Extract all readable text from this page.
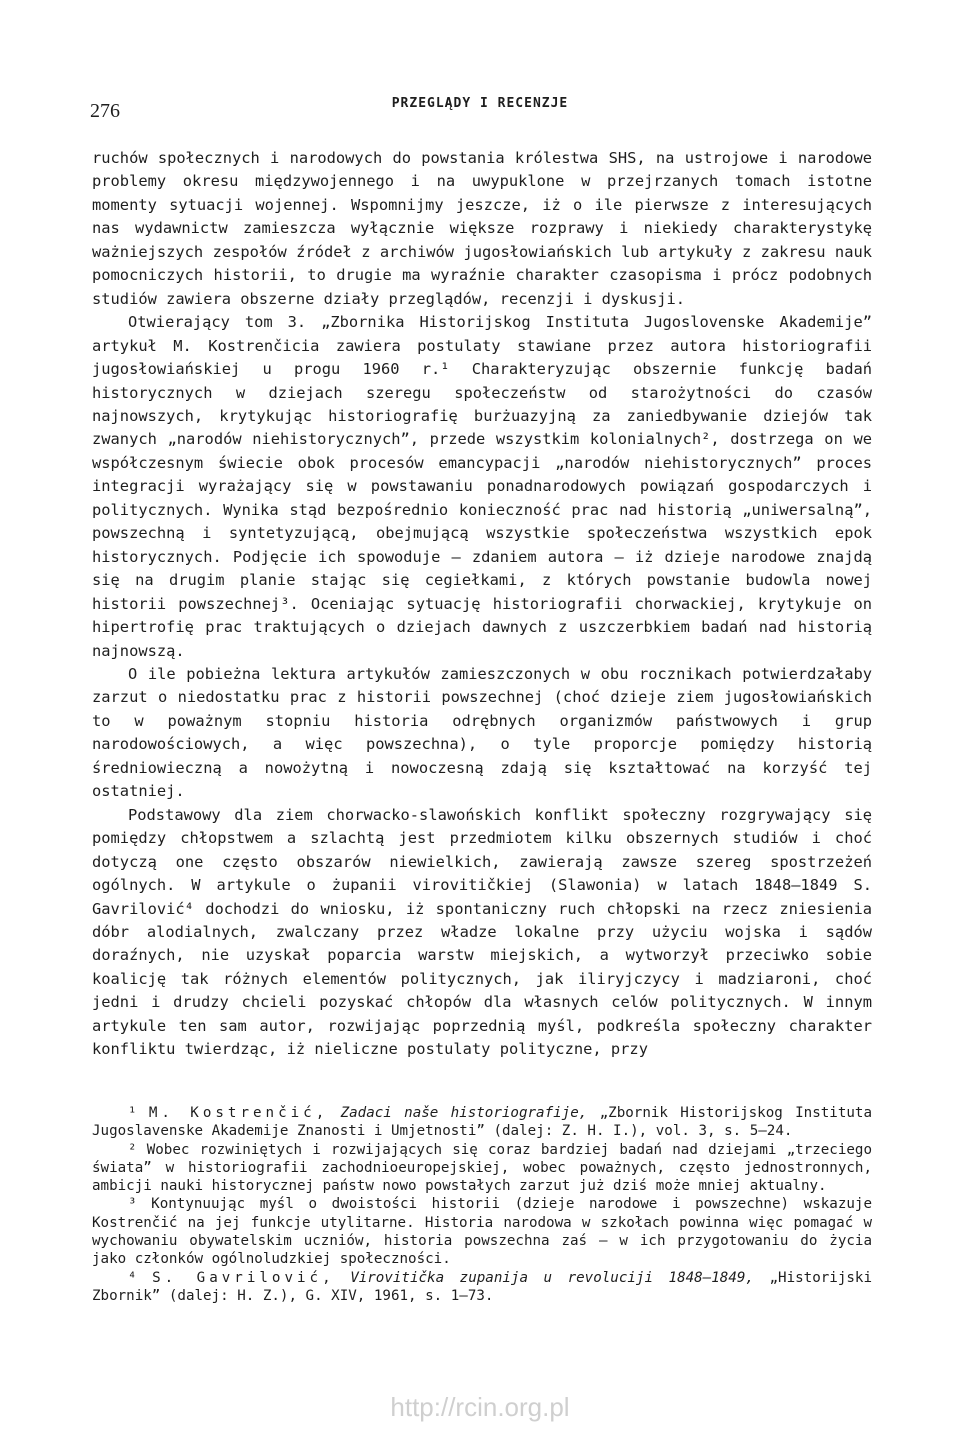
276	PRZEGLĄDY I RECENZJE

ruchów społecznych i narodowych do powstania królestwa SHS, na ustrojowe i narodowe problemy okresu międzywojennego i na uwypuklone w przejrzanych tomach istotne momenty sytuacji wojennej. Wspomnijmy jeszcze, iż o ile pierwsze z interesujących nas wydawnictw zamieszcza wyłącznie większe rozprawy i niekiedy charakterystykę ważniejszych zespołów źródeł z archiwów jugosłowiańskich lub artykuły z zakresu nauk pomocniczych historii, to drugie ma wyraźnie charakter czasopisma i prócz podobnych studiów zawiera obszerne działy przeglądów, recenzji i dyskusji.

Otwierający tom 3. „Zbornika Historijskog Instituta Jugoslovenske Akademije” artykuł M. Kostrenčicia zawiera postulaty stawiane przez autora historiografii jugosłowiańskiej u progu 1960 r.¹ Charakteryzując obszernie funkcję badań historycznych w dziejach szeregu społeczeństw od starożytności do czasów najnowszych, krytykując historiografię burżuazyjną za zaniedbywanie dziejów tak zwanych „narodów niehistorycznych”, przede wszystkim kolonialnych², dostrzega on we współczesnym świecie obok procesów emancypacji „narodów niehistorycznych” proces integracji wyrażający się w powstawaniu ponadnarodowych powiązań gospodarczych i politycznych. Wynika stąd bezpośrednio konieczność prac nad historią „uniwersalną”, powszechną i syntetyzującą, obejmującą wszystkie społeczeństwa wszystkich epok historycznych. Podjęcie ich spowoduje — zdaniem autora — iż dzieje narodowe znajdą się na drugim planie stając się cegiełkami, z których powstanie budowla nowej historii powszechnej³. Oceniając sytuację historiografii chorwackiej, krytykuje on hipertrofię prac traktujących o dziejach dawnych z uszczerbkiem badań nad historią najnowszą.

O ile pobieżna lektura artykułów zamieszczonych w obu rocznikach potwierdzałaby zarzut o niedostatku prac z historii powszechnej (choć dzieje ziem jugosłowiańskich to w poważnym stopniu historia odrębnych organizmów państwowych i grup narodowościowych, a więc powszechna), o tyle proporcje pomiędzy historią średniowieczną a nowożytną i nowoczesną zdają się kształtować na korzyść tej ostatniej.

Podstawowy dla ziem chorwacko-slawońskich konflikt społeczny rozgrywający się pomiędzy chłopstwem a szlachtą jest przedmiotem kilku obszernych studiów i choć dotyczą one często obszarów niewielkich, zawierają zawsze szereg spostrzeżeń ogólnych. W artykule o żupanii virovitičkiej (Slawonia) w latach 1848—1849 S. Gavrilović⁴ dochodzi do wniosku, iż spontaniczny ruch chłopski na rzecz zniesienia dóbr alodialnych, zwalczany przez władze lokalne przy użyciu wojska i sądów doraźnych, nie uzyskał poparcia warstw miejskich, a wytworzył przeciwko sobie koalicję tak różnych elementów politycznych, jak iliryjczycy i madziaroni, choć jedni i drudzy chcieli pozyskać chłopów dla własnych celów politycznych. W innym artykule ten sam autor, rozwijając poprzednią myśl, podkreśla społeczny charakter konfliktu twierdząc, iż nieliczne postulaty polityczne, przy

¹ M. Kostrenčić, Zadaci naše historiografije, „Zbornik Historijskog Instituta Jugoslavenske Akademije Znanosti i Umjetnosti” (dalej: Z. H. I.), vol. 3, s. 5—24.

² Wobec rozwiniętych i rozwijających się coraz bardziej badań nad dziejami „trzeciego świata” w historiografii zachodnioeuropejskiej, wobec poważnych, często jednostronnych, ambicji nauki historycznej państw nowo powstałych zarzut już dziś może mniej aktualny.

³ Kontynuując myśl o dwoistości historii (dzieje narodowe i powszechne) wskazuje Kostrenčić na jej funkcje utylitarne. Historia narodowa w szkołach powinna więc pomagać w wychowaniu obywatelskim uczniów, historia powszechna zaś — w ich przygotowaniu do życia jako członków ogólnoludzkiej społeczności.

⁴ S. Gavrilović, Virovitička zupanija u revoluciji 1848—1849, „Historijski Zbornik” (dalej: H. Z.), G. XIV, 1961, s. 1—73.

http://rcin.org.pl
